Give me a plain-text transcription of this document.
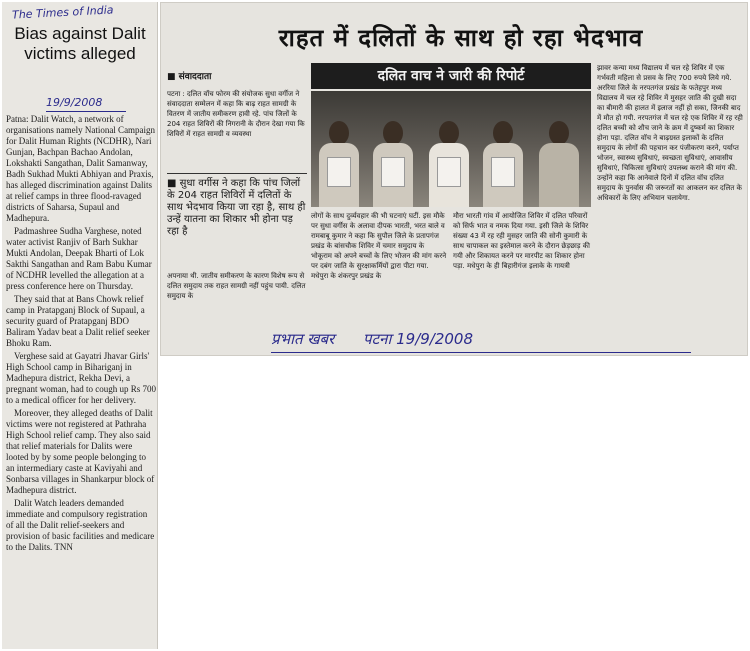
The Times of India
Bias against Dalit victims alleged
19/9/2008

Patna: Dalit Watch, a network of organisations namely National Campaign for Dalit Human Rights (NCDHR), Nari Gunjan, Bachpan Bachao Andolan, Lokshakti Sangathan, Dalit Samanway, Badh Sukhad Mukti Abhiyan and Praxis, has alleged discrimination against Dalits at relief camps in three flood-ravaged districts of Saharsa, Supaul and Madhepura.

Padmashree Sudha Varghese, noted water activist Ranjiv of Barh Sukhar Mukti Andolan, Deepak Bharti of Lok Sakthi Sangathan and Ram Babu Kumar of NCDHR levelled the allegation at a press conference here on Thursday.

They said that at Bans Chowk relief camp in Pratapganj Block of Supaul, a security guard of Pratapganj BDO Baliram Yadav beat a Dalit relief seeker Bhoku Ram.

Verghese said at Gayatri Jhavar Girls' High School camp in Bihariganj in Madhepura district, Rekha Devi, a pregnant woman, had to cough up Rs 700 to a medical officer for her delivery.

Moreover, they alleged deaths of Dalit victims were not registered at Pathraha High School relief camp. They also said that relief materials for Dalits were looted by by some people belonging to an intermediary caste at Kaviyahi and Sonbarsa villages in Shankarpur block of Madhepura district.

Dalit Watch leaders demanded immediate and compulsory registration of all the Dalit relief-seekers and provision of basic facilities and medicare to the Dalits. TNN

राहत में दलितों के साथ हो रहा भेदभाव
■ संवाददाता
पटना : दलित वॉच फोरम की संयोजक सुधा वर्गीज ने संवाददाता सम्मेलन में कहा कि बाढ़ राहत सामग्री के वितरण में जातीय समीकरण हावी रहे. पांच जिलों के 204 राहत शिविरों की निगरानी के दौरान देखा गया कि शिविरों में राहत सामग्री व व्यवस्था
■ सुधा वर्गीस ने कहा कि पांच जिलों के 204 राहत शिविरों में दलितों के साथ भेदभाव किया जा रहा है, साथ ही उन्हें यातना का शिकार भी होना पड़ रहा है
अपनाया थी. जातीय समीकरण के कारण विशेष रूप से दलित समुदाय तक राहत सामग्री नहीं पहुंच पायी. दलित समुदाय के
दलित वाच ने जारी की रिपोर्ट
लोगों के साथ दुर्व्यवहार की भी घटनाएं घटीं. इस मौके पर सुधा वर्गीस के अलावा दीपक भारती, भरत बाले व रामबाबू कुमार ने कहा कि सुपौल जिले के प्रतापगंज प्रखंड के बांसचौक शिविर में चमार समुदाय के भोकूराम को अपने बच्चों के लिए भोजन की मांग करने पर दबंग जाति के सुरक्षाकर्मियों द्वारा पीटा गया. मधेपुरा के शंकरपुर प्रखंड के
मौरा भारती गांव में आयोजित शिविर में दलित परिवारों को सिर्फ भात व नमक दिया गया. इसी जिले के शिविर संख्या 43 में रह रही मुसहर जाति की सोनी कुमारी के साथ चापाकल का इस्तेमाल करने के दौरान छेड़छाड़ की गयी और शिकायत करने पर मारपीट का शिकार होना पड़ा. मधेपुरा के ही बिहारीगंज इलाके के गायत्री
झावर कन्या मध्य विद्यालय में चल रहे शिविर में एक गर्भवती महिला से प्रसव के लिए 700 रुपये लिये गये. अररिया जिले के नरपतगंज प्रखंड के फतेहपुर मध्य विद्यालय में चल रहे शिविर में मुसहर जाति की दुखी सदा का बीमारी की हालत में इलाज नहीं हो सका, जिनकी बाद में मौत हो गयी. नरपतगंज में चल रहे एक शिविर में रह रही दलित बच्ची को शौच जाने के क्रम में दुष्कर्म का शिकार होना पड़ा. दलित वॉच ने बाढ़ग्रस्त इलाकों के दलित समुदाय के लोगों की पहचान कर पंजीकरण करने, पर्याप्त भोजन, स्वास्थ्य सुविधाएं, स्वच्छता सुविधाएं, आवासीय सुविधाएं, चिकित्सा सुविधाएं उपलब्ध कराने की मांग की. उन्होंने कहा कि आनेवाले दिनों में दलित वॉच दलित समुदाय के पुनर्वास की जरूरतों का आकलन कर दलित के अधिकारों के लिए अभियान चलायेगा.
प्रभात खबर पटना 19/9/2008
